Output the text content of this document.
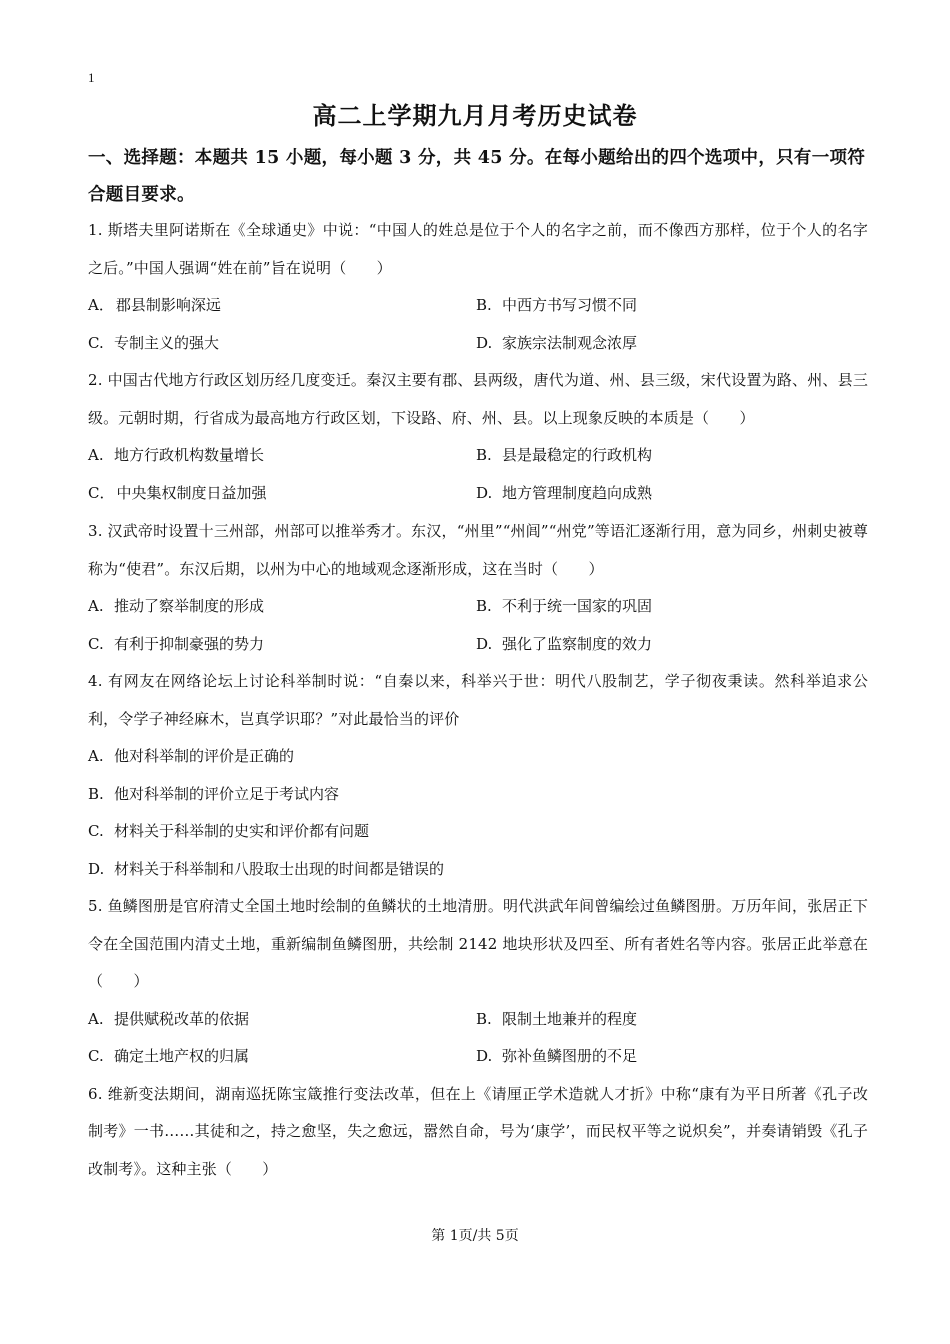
1
高二上学期九月月考历史试卷
一、选择题：本题共 15 小题，每小题 3 分，共 45 分。在每小题给出的四个选项中，只有一项符合题目要求。

1. 斯塔夫里阿诺斯在《全球通史》中说：“中国人的姓总是位于个人的名字之前，而不像西方那样，位于个人的名字之后。”中国人强调“姓在前”旨在说明（　　）

A． 郡县制影响深远	B. 中西方书写习惯不同
C. 专制主义的强大	D. 家族宗法制观念浓厚

2. 中国古代地方行政区划历经几度变迁。秦汉主要有郡、县两级，唐代为道、州、县三级，宋代设置为路、州、县三级。元朝时期，行省成为最高地方行政区划，下设路、府、州、县。以上现象反映的本质是（　　）

A. 地方行政机构数量增长	B. 县是最稳定的行政机构
C． 中央集权制度日益加强	D. 地方管理制度趋向成熟

3. 汉武帝时设置十三州部，州部可以推举秀才。东汉，“州里”“州闾”“州党”等语汇逐渐行用，意为同乡，州刺史被尊称为“使君”。东汉后期，以州为中心的地域观念逐渐形成，这在当时（　　）

A. 推动了察举制度的形成	B. 不利于统一国家的巩固
C. 有利于抑制豪强的势力	D. 强化了监察制度的效力

4. 有网友在网络论坛上讨论科举制时说：“自秦以来，科举兴于世：明代八股制艺，学子彻夜秉读。然科举追求公利，令学子神经麻木，岂真学识耶？”对此最恰当的评价

A. 他对科举制的评价是正确的
B. 他对科举制的评价立足于考试内容
C. 材料关于科举制的史实和评价都有问题
D. 材料关于科举制和八股取士出现的时间都是错误的

5. 鱼鳞图册是官府清丈全国土地时绘制的鱼鳞状的土地清册。明代洪武年间曾编绘过鱼鳞图册。万历年间，张居正下令在全国范围内清丈土地，重新编制鱼鳞图册，共绘制 2142 地块形状及四至、所有者姓名等内容。张居正此举意在（　　）

A. 提供赋税改革的依据	B. 限制土地兼并的程度
C. 确定土地产权的归属	D. 弥补鱼鳞图册的不足

6. 维新变法期间，湖南巡抚陈宝箴推行变法改革，但在上《请厘正学术造就人才折》中称“康有为平日所著《孔子改制考》一书……其徒和之，持之愈坚，失之愈远，嚣然自命，号为‘康学’，而民权平等之说炽矣”，并奏请销毁《孔子改制考》。这种主张（　　）

第 1页/共 5页
